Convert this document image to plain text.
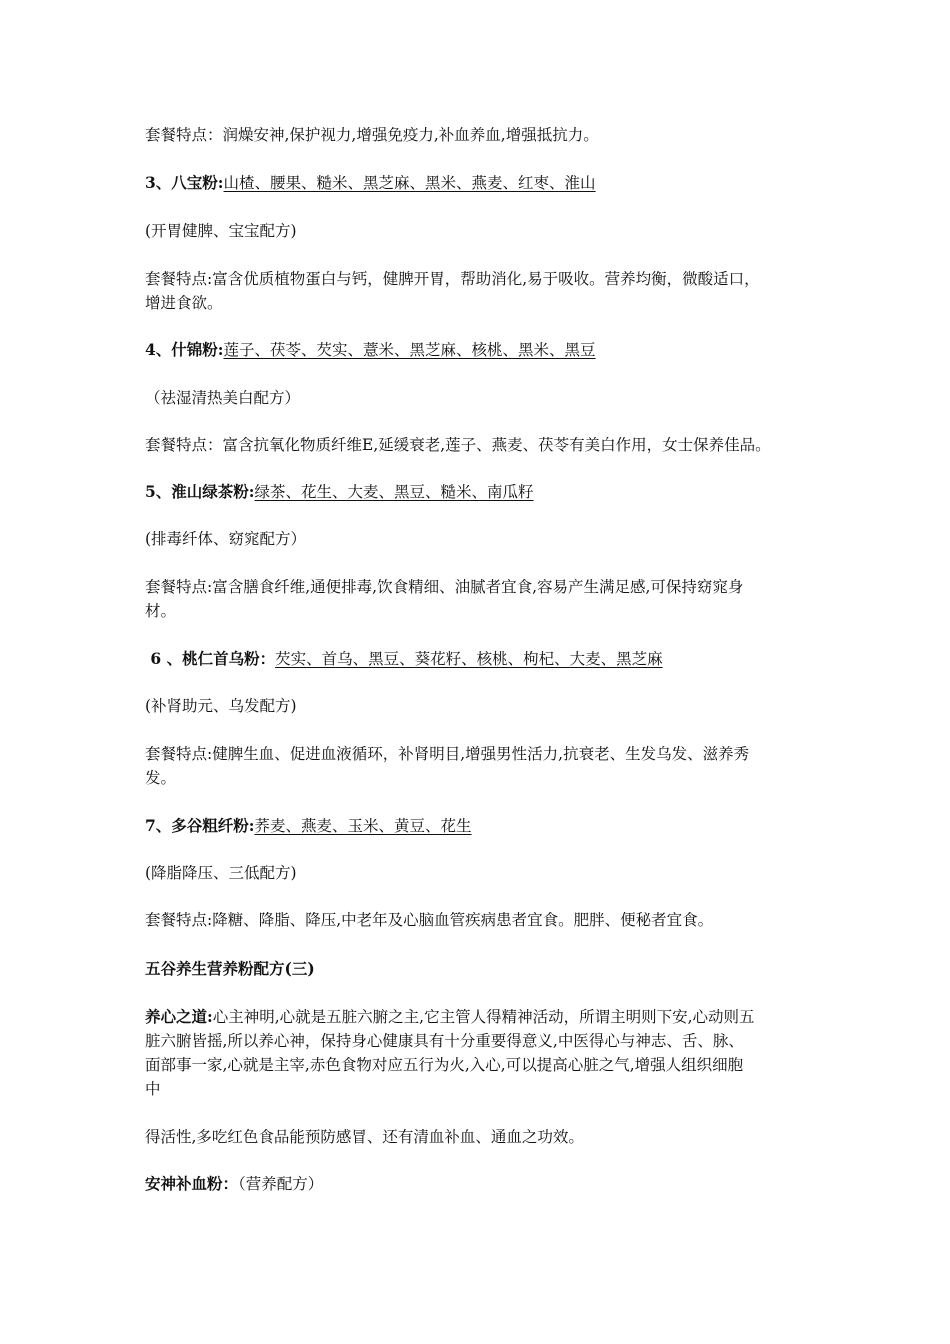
套餐特点：润燥安神,保护视力,增强免疫力,补血养血,增强抵抗力。
3、八宝粉:山楂、腰果、糙米、黑芝麻、黑米、燕麦、红枣、淮山
(开胃健脾、宝宝配方)
套餐特点:富含优质植物蛋白与钙，健脾开胃，帮助消化,易于吸收。营养均衡，微酸适口，
增进食欲。
4、什锦粉:莲子、茯苓、芡实、薏米、黑芝麻、核桃、黑米、黑豆
（祛湿清热美白配方）
套餐特点：富含抗氧化物质纤维E,延缓衰老,莲子、燕麦、茯苓有美白作用，女士保养佳品。
5、淮山绿茶粉:绿茶、花生、大麦、黑豆、糙米、南瓜籽
(排毒纤体、窈窕配方）
套餐特点:富含膳食纤维,通便排毒,饮食精细、油腻者宜食,容易产生满足感,可保持窈窕身
材。
6 、桃仁首乌粉：芡实、首乌、黑豆、葵花籽、核桃、枸杞、大麦、黑芝麻
(补肾助元、乌发配方)
套餐特点:健脾生血、促进血液循环，补肾明目,增强男性活力,抗衰老、生发乌发、滋养秀
发。
7、多谷粗纤粉:荞麦、燕麦、玉米、黄豆、花生
(降脂降压、三低配方)
套餐特点:降糖、降脂、降压,中老年及心脑血管疾病患者宜食。肥胖、便秘者宜食。
五谷养生营养粉配方(三)
养心之道:心主神明,心就是五脏六腑之主,它主管人得精神活动，所谓主明则下安,心动则五
脏六腑皆摇,所以养心神，保持身心健康具有十分重要得意义,中医得心与神志、舌、脉、
面部事一家,心就是主宰,赤色食物对应五行为火,入心,可以提高心脏之气,增强人组织细胞
中
得活性,多吃红色食品能预防感冒、还有清血补血、通血之功效。
安神补血粉：（营养配方）
